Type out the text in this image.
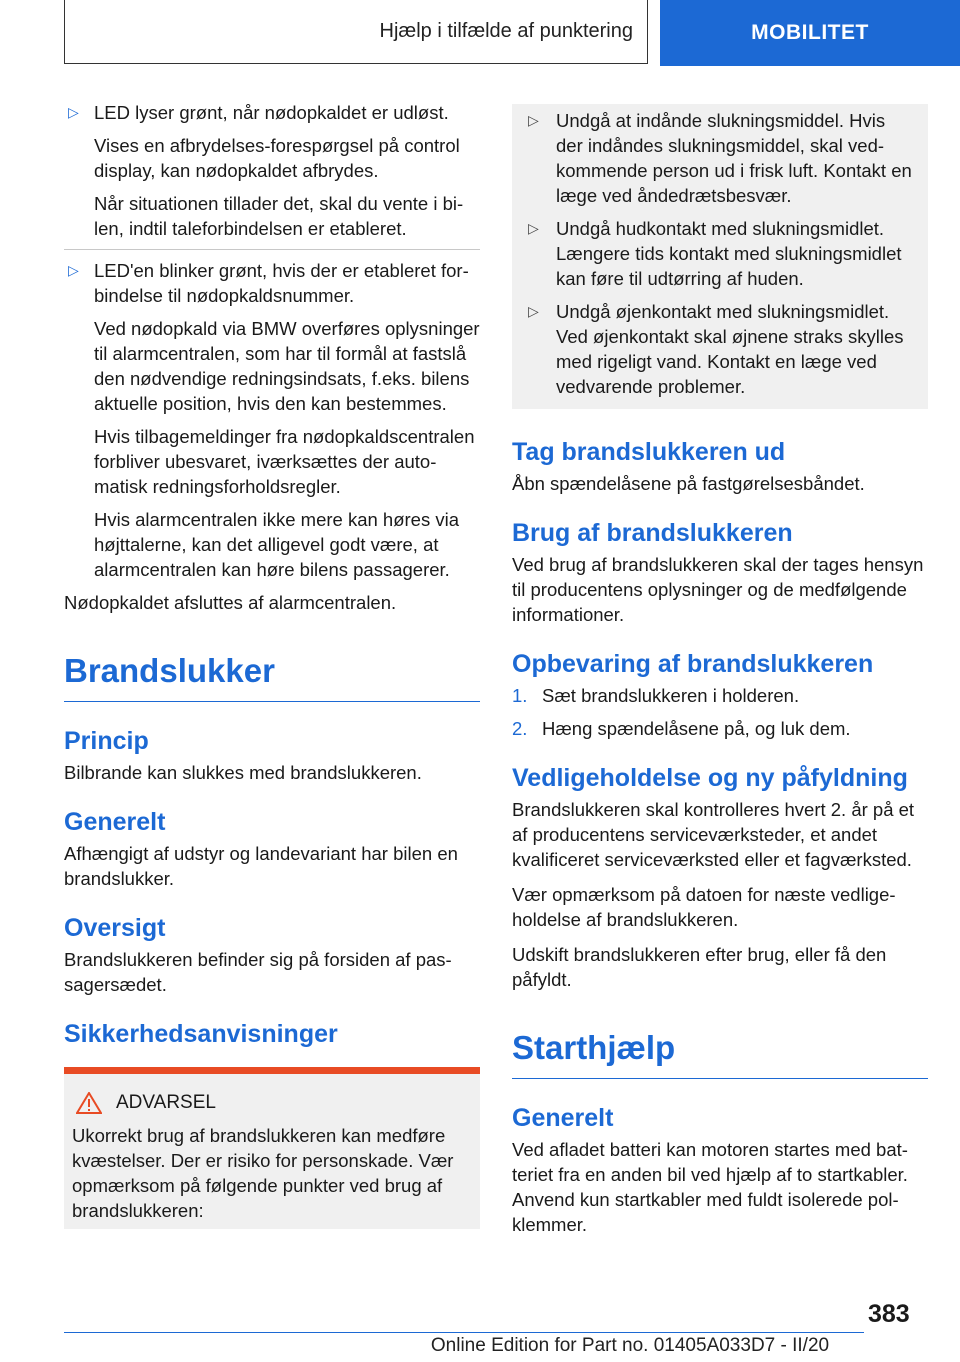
Hjælp i tilfælde af punktering	MOBILITET
▷ LED lyser grønt, når nødopkaldet er udløst.

Vises en afbrydelses-forespørgsel på control display, kan nødopkaldet afbrydes.

Når situationen tillader det, skal du vente i bilen, indtil taleforbindelsen er etableret.

▷ LED'en blinker grønt, hvis der er etableret forbindelse til nødopkaldsnummer.

Ved nødopkald via BMW overføres oplysninger til alarmcentralen, som har til formål at fastslå den nødvendige redningsindsats, f.eks. bilens aktuelle position, hvis den kan bestemmes.

Hvis tilbagemeldinger fra nødopkaldscentralen forbliver ubesvaret, iværksættes der automatisk redningsforholdsregler.

Hvis alarmcentralen ikke mere kan høres via højttalerne, kan det alligevel godt være, at alarmcentralen kan høre bilens passagerer.

Nødopkaldet afsluttes af alarmcentralen.

Brandslukker
Princip

Bilbrande kan slukkes med brandslukkeren.

Generelt

Afhængigt af udstyr og landevariant har bilen en brandslukker.

Oversigt

Brandslukkeren befinder sig på forsiden af passagersædet.

Sikkerhedsanvisninger
ADVARSEL

Ukorrekt brug af brandslukkeren kan medføre kvæstelser. Der er risiko for personskade. Vær opmærksom på følgende punkter ved brug af brandslukkeren:

▷ Undgå at indånde slukningsmiddel. Hvis der indåndes slukningsmiddel, skal vedkommende person ud i frisk luft. Kontakt en læge ved åndedrætsbesvær.

▷ Undgå hudkontakt med slukningsmidlet. Længere tids kontakt med slukningsmidlet kan føre til udtørring af huden.

▷ Undgå øjenkontakt med slukningsmidlet. Ved øjenkontakt skal øjnene straks skylles med rigeligt vand. Kontakt en læge ved vedvarende problemer.

Tag brandslukkeren ud

Åbn spændelåsene på fastgørelsesbåndet.

Brug af brandslukkeren

Ved brug af brandslukkeren skal der tages hensyn til producentens oplysninger og de medfølgende informationer.

Opbevaring af brandslukkeren
1. Sæt brandslukkeren i holderen.
2. Hæng spændelåsene på, og luk dem.
Vedligeholdelse og ny påfyldning

Brandslukkeren skal kontrolleres hvert 2. år på et af producentens serviceværksteder, et andet kvalificeret serviceværksted eller et fagværksted.

Vær opmærksom på datoen for næste vedligeholdelse af brandslukkeren.

Udskift brandslukkeren efter brug, eller få den påfyldt.

Starthjælp
Generelt

Ved afladet batteri kan motoren startes med batteriet fra en anden bil ved hjælp af to startkabler. Anvend kun startkabler med fuldt isolerede polklemmer.

383
Online Edition for Part no. 01405A033D7 - II/20
